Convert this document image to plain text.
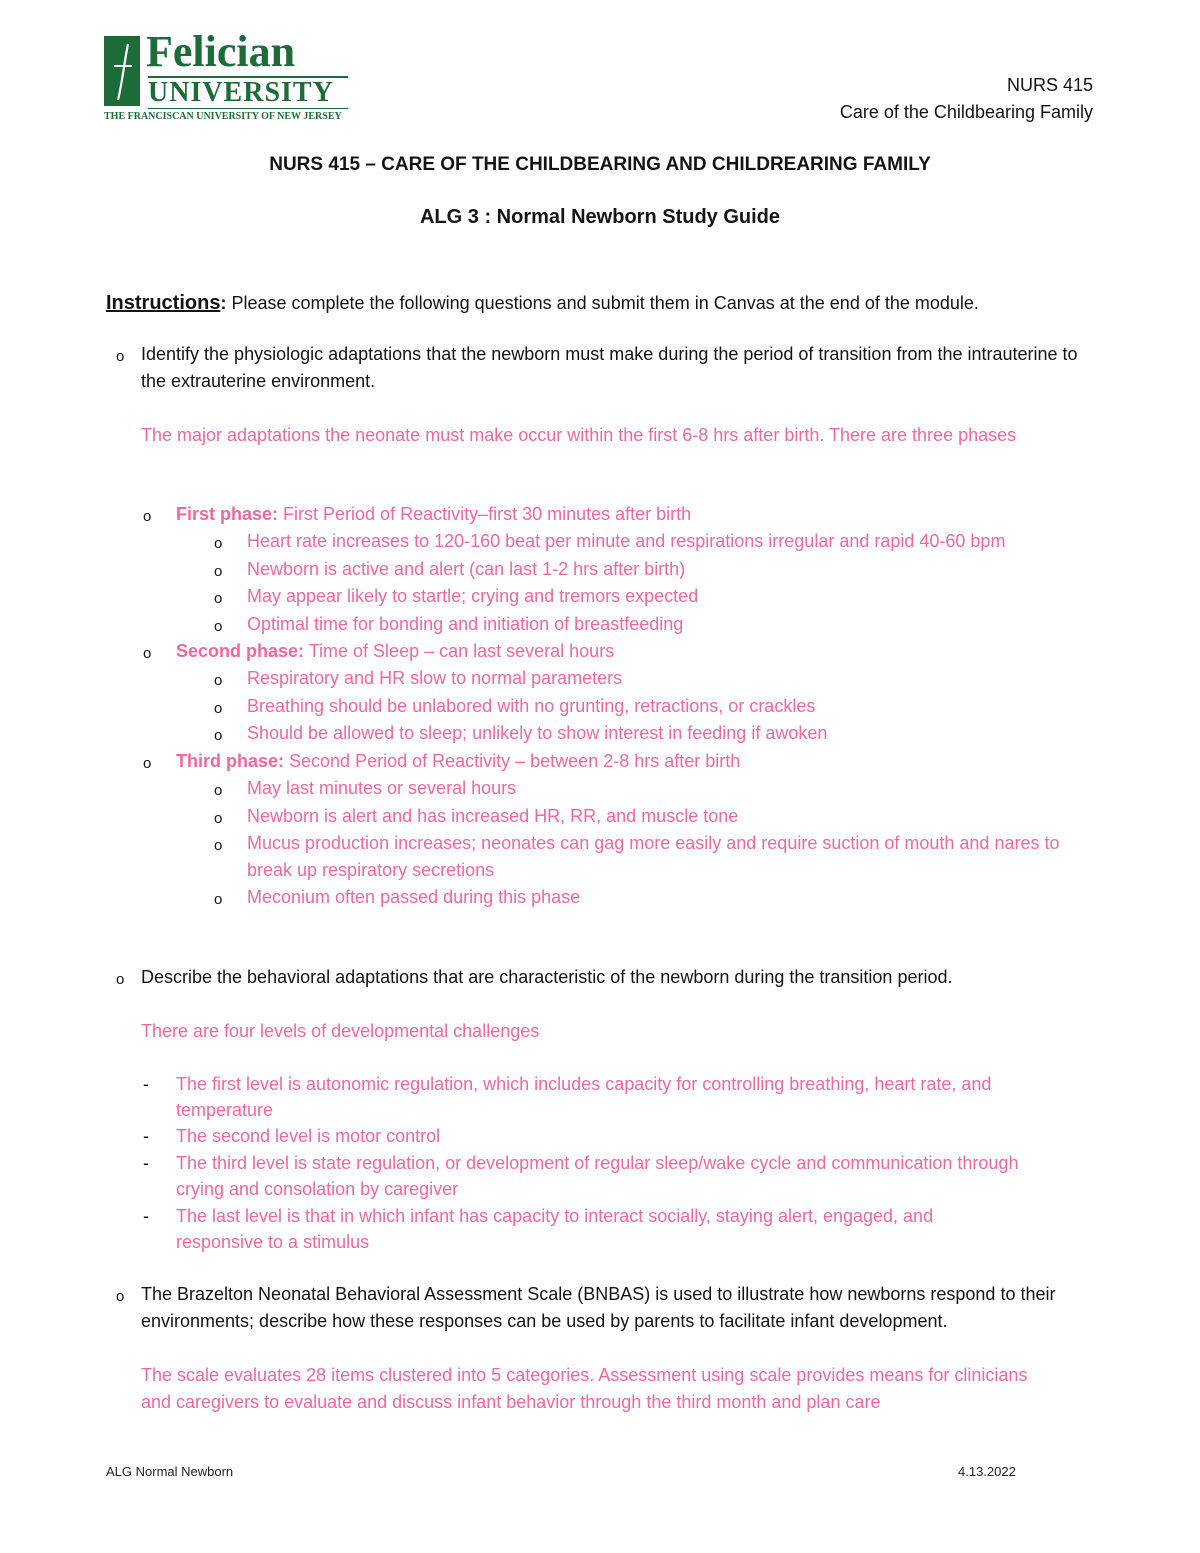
Felician
UNIVERSITY
THE FRANCISCAN UNIVERSITY OF NEW JERSEY
NURS 415
Care of the Childbearing Family
NURS 415 – CARE OF THE CHILDBEARING AND CHILDREARING FAMILY
ALG 3 : Normal Newborn Study Guide
Instructions: Please complete the following questions and submit them in Canvas at the end of the module.
o Identify the physiologic adaptations that the newborn must make during the period of transition from the intrauterine to the extrauterine environment.
The major adaptations the neonate must make occur within the first 6-8 hrs after birth. There are three phases
o First phase: First Period of Reactivity–first 30 minutes after birth
o Heart rate increases to 120-160 beat per minute and respirations irregular and rapid 40-60 bpm
o Newborn is active and alert (can last 1-2 hrs after birth)
o May appear likely to startle; crying and tremors expected
o Optimal time for bonding and initiation of breastfeeding
o Second phase: Time of Sleep – can last several hours
o Respiratory and HR slow to normal parameters
o Breathing should be unlabored with no grunting, retractions, or crackles
o Should be allowed to sleep; unlikely to show interest in feeding if awoken
o Third phase: Second Period of Reactivity – between 2-8 hrs after birth
o May last minutes or several hours
o Newborn is alert and has increased HR, RR, and muscle tone
o Mucus production increases; neonates can gag more easily and require suction of mouth and nares to break up respiratory secretions
o Meconium often passed during this phase
o Describe the behavioral adaptations that are characteristic of the newborn during the transition period.
There are four levels of developmental challenges
- The first level is autonomic regulation, which includes capacity for controlling breathing, heart rate, and temperature
- The second level is motor control
- The third level is state regulation, or development of regular sleep/wake cycle and communication through crying and consolation by caregiver
- The last level is that in which infant has capacity to interact socially, staying alert, engaged, and responsive to a stimulus
o The Brazelton Neonatal Behavioral Assessment Scale (BNBAS) is used to illustrate how newborns respond to their environments; describe how these responses can be used by parents to facilitate infant development.
The scale evaluates 28 items clustered into 5 categories. Assessment using scale provides means for clinicians and caregivers to evaluate and discuss infant behavior through the third month and plan care
ALG Normal Newborn	4.13.2022
